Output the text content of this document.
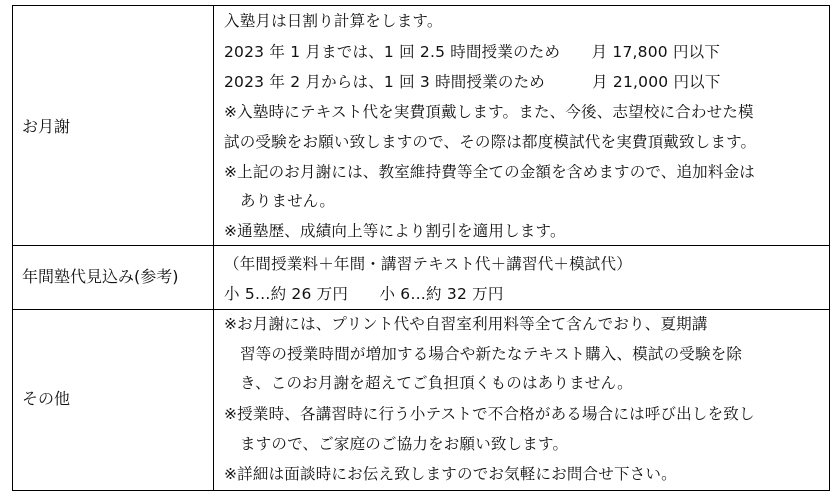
お月謝
入塾月は日割り計算をします。
2023 年 1 月までは、1 回 2.5 時間授業のため　　月 17,800 円以下
2023 年 2 月からは、1 回 3 時間授業のため　　　月 21,000 円以下
※入塾時にテキスト代を実費頂戴します。また、今後、志望校に合わせた模
試の受験をお願い致しますので、その際は都度模試代を実費頂戴致します。
※上記のお月謝には、教室維持費等全ての金額を含めますので、追加料金は
ありません。
※通塾歴、成績向上等により割引を適用します。
年間塾代見込み(参考)
（年間授業料＋年間・講習テキスト代＋講習代＋模試代）
小 5…約 26 万円　　小 6…約 32 万円
その他
※お月謝には、プリント代や自習室利用料等全て含んでおり、夏期講
習等の授業時間が増加する場合や新たなテキスト購入、模試の受験を除
き、このお月謝を超えてご負担頂くものはありません。
※授業時、各講習時に行う小テストで不合格がある場合には呼び出しを致し
ますので、ご家庭のご協力をお願い致します。
※詳細は面談時にお伝え致しますのでお気軽にお問合せ下さい。
